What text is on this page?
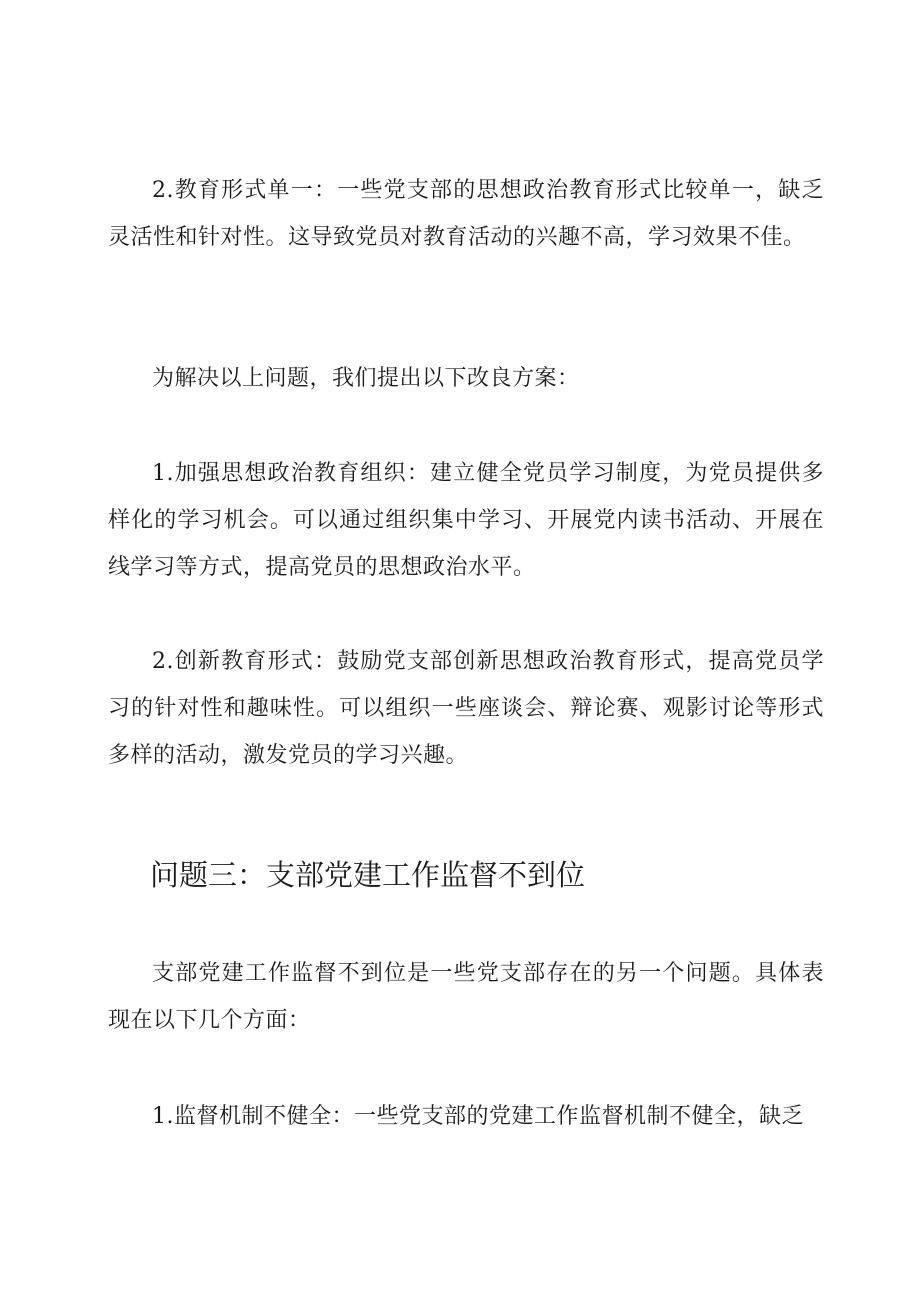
2.教育形式单一：一些党支部的思想政治教育形式比较单一，缺乏灵活性和针对性。这导致党员对教育活动的兴趣不高，学习效果不佳。

为解决以上问题，我们提出以下改良方案：

1.加强思想政治教育组织：建立健全党员学习制度，为党员提供多样化的学习机会。可以通过组织集中学习、开展党内读书活动、开展在线学习等方式，提高党员的思想政治水平。

2.创新教育形式：鼓励党支部创新思想政治教育形式，提高党员学习的针对性和趣味性。可以组织一些座谈会、辩论赛、观影讨论等形式多样的活动，激发党员的学习兴趣。

问题三：支部党建工作监督不到位

支部党建工作监督不到位是一些党支部存在的另一个问题。具体表现在以下几个方面：

1.监督机制不健全：一些党支部的党建工作监督机制不健全，缺乏
